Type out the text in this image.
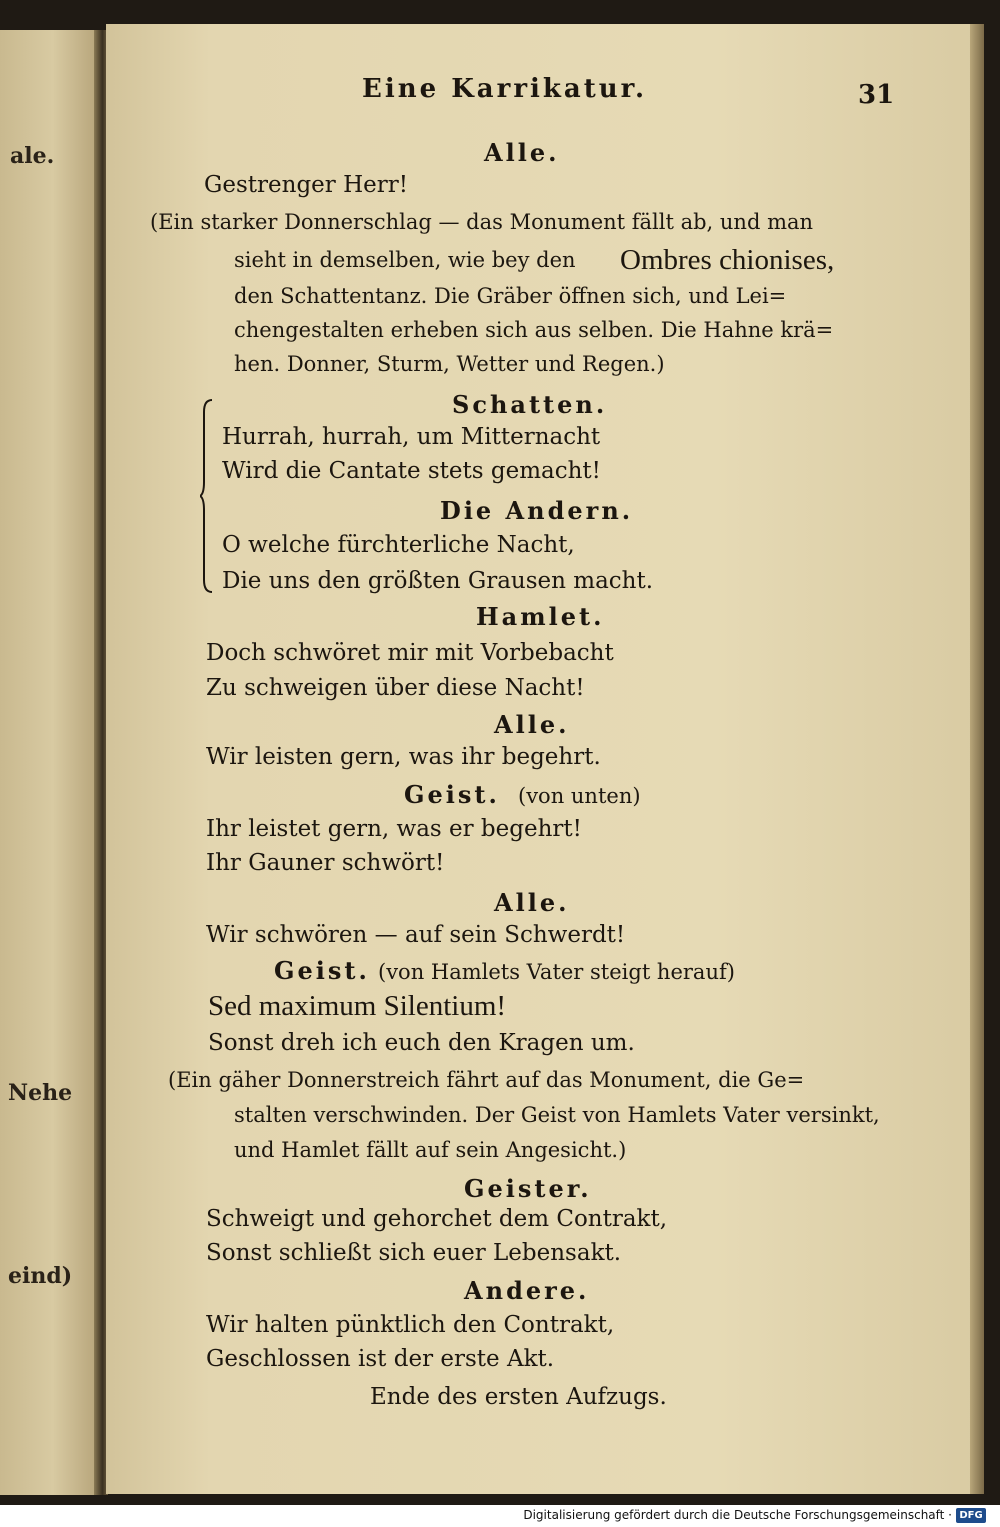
ale.
Nehe
eind)
Eine Karrikatur.	31
Alle.
Gestrenger Herr!
(Ein starker Donnerschlag — das Monument fällt ab, und man
sieht in demselben, wie bey den Ombres chionises,
den Schattentanz. Die Gräber öffnen sich, und Lei=
chengestalten erheben sich aus selben. Die Hahne krä=
hen. Donner, Sturm, Wetter und Regen.)
Schatten.
Hurrah, hurrah, um Mitternacht
Wird die Cantate stets gemacht!
Die Andern.
O welche fürchterliche Nacht,
Die uns den größten Grausen macht.
Hamlet.
Doch schwöret mir mit Vorbebacht
Zu schweigen über diese Nacht!
Alle.
Wir leisten gern, was ihr begehrt.
Geist. (von unten)
Ihr leistet gern, was er begehrt!
Ihr Gauner schwört!
Alle.
Wir schwören — auf sein Schwerdt!
Geist. (von Hamlets Vater steigt herauf)
Sed maximum Silentium!
Sonst dreh ich euch den Kragen um.
(Ein gäher Donnerstreich fährt auf das Monument, die Ge=
stalten verschwinden. Der Geist von Hamlets Vater versinkt,
und Hamlet fällt auf sein Angesicht.)
Geister.
Schweigt und gehorchet dem Contrakt,
Sonst schließt sich euer Lebensakt.
Andere.
Wir halten pünktlich den Contrakt,
Geschlossen ist der erste Akt.
Ende des ersten Aufzugs.
Digitalisierung gefördert durch die Deutsche Forschungsgemeinschaft · DFG
